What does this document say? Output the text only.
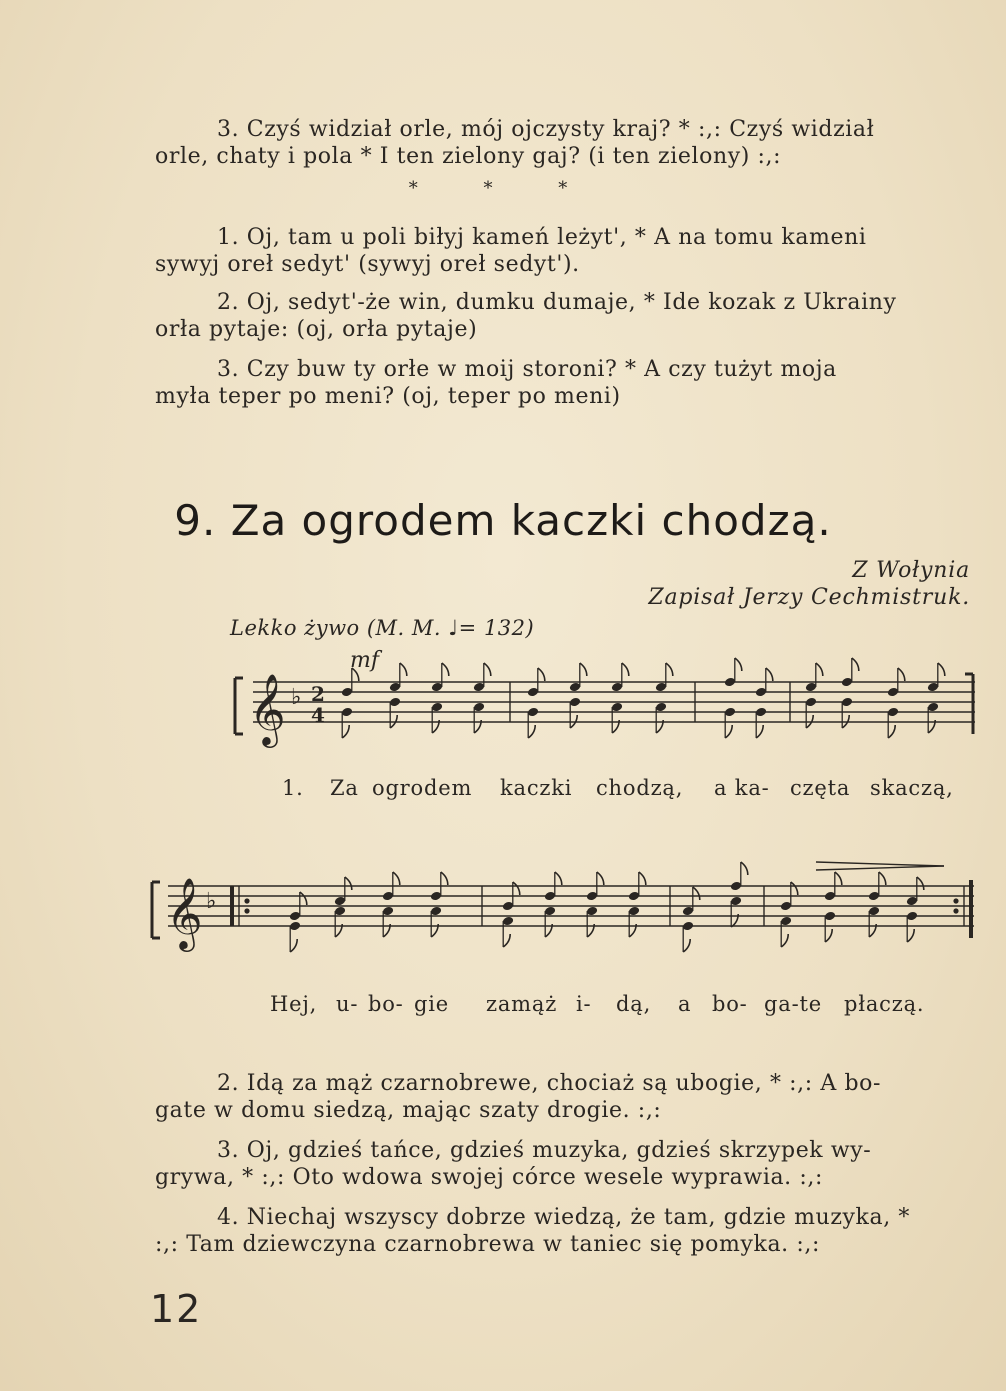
3. Czyś widział orle, mój ojczysty kraj? * :,: Czyś widział
orle, chaty i pola * I ten zielony gaj? (i ten zielony) :,:
* * *
1. Oj, tam u poli biłyj kameń leżyt', * A na tomu kameni
sywyj oreł sedyt' (sywyj oreł sedyt').
2. Oj, sedyt'-że win, dumku dumaje, * Ide kozak z Ukrainy
orła pytaje: (oj, orła pytaje)
3. Czy buw ty orłe w moij storoni? * A czy tużyt moja
myła teper po meni? (oj, teper po meni)
9. Za ogrodem kaczki chodzą.
Z Wołynia
Zapisał Jerzy Cechmistruk.
Lekko żywo (M. M. ♩= 132)
mf
𝄞 ♭ 2
4
1. Za ogrodem kaczki chodzą, a ka- częta skaczą,
𝄞 ♭
Hej, u- bo- gie zamąż i- dą, a bo- ga-te płaczą.
2. Idą za mąż czarnobrewe, chociaż są ubogie, * :,: A bo-
gate w domu siedzą, mając szaty drogie. :,:
3. Oj, gdzieś tańce, gdzieś muzyka, gdzieś skrzypek wy-
grywa, * :,: Oto wdowa swojej córce wesele wyprawia. :,:
4. Niechaj wszyscy dobrze wiedzą, że tam, gdzie muzyka, *
:,: Tam dziewczyna czarnobrewa w taniec się pomyka. :,:
12
